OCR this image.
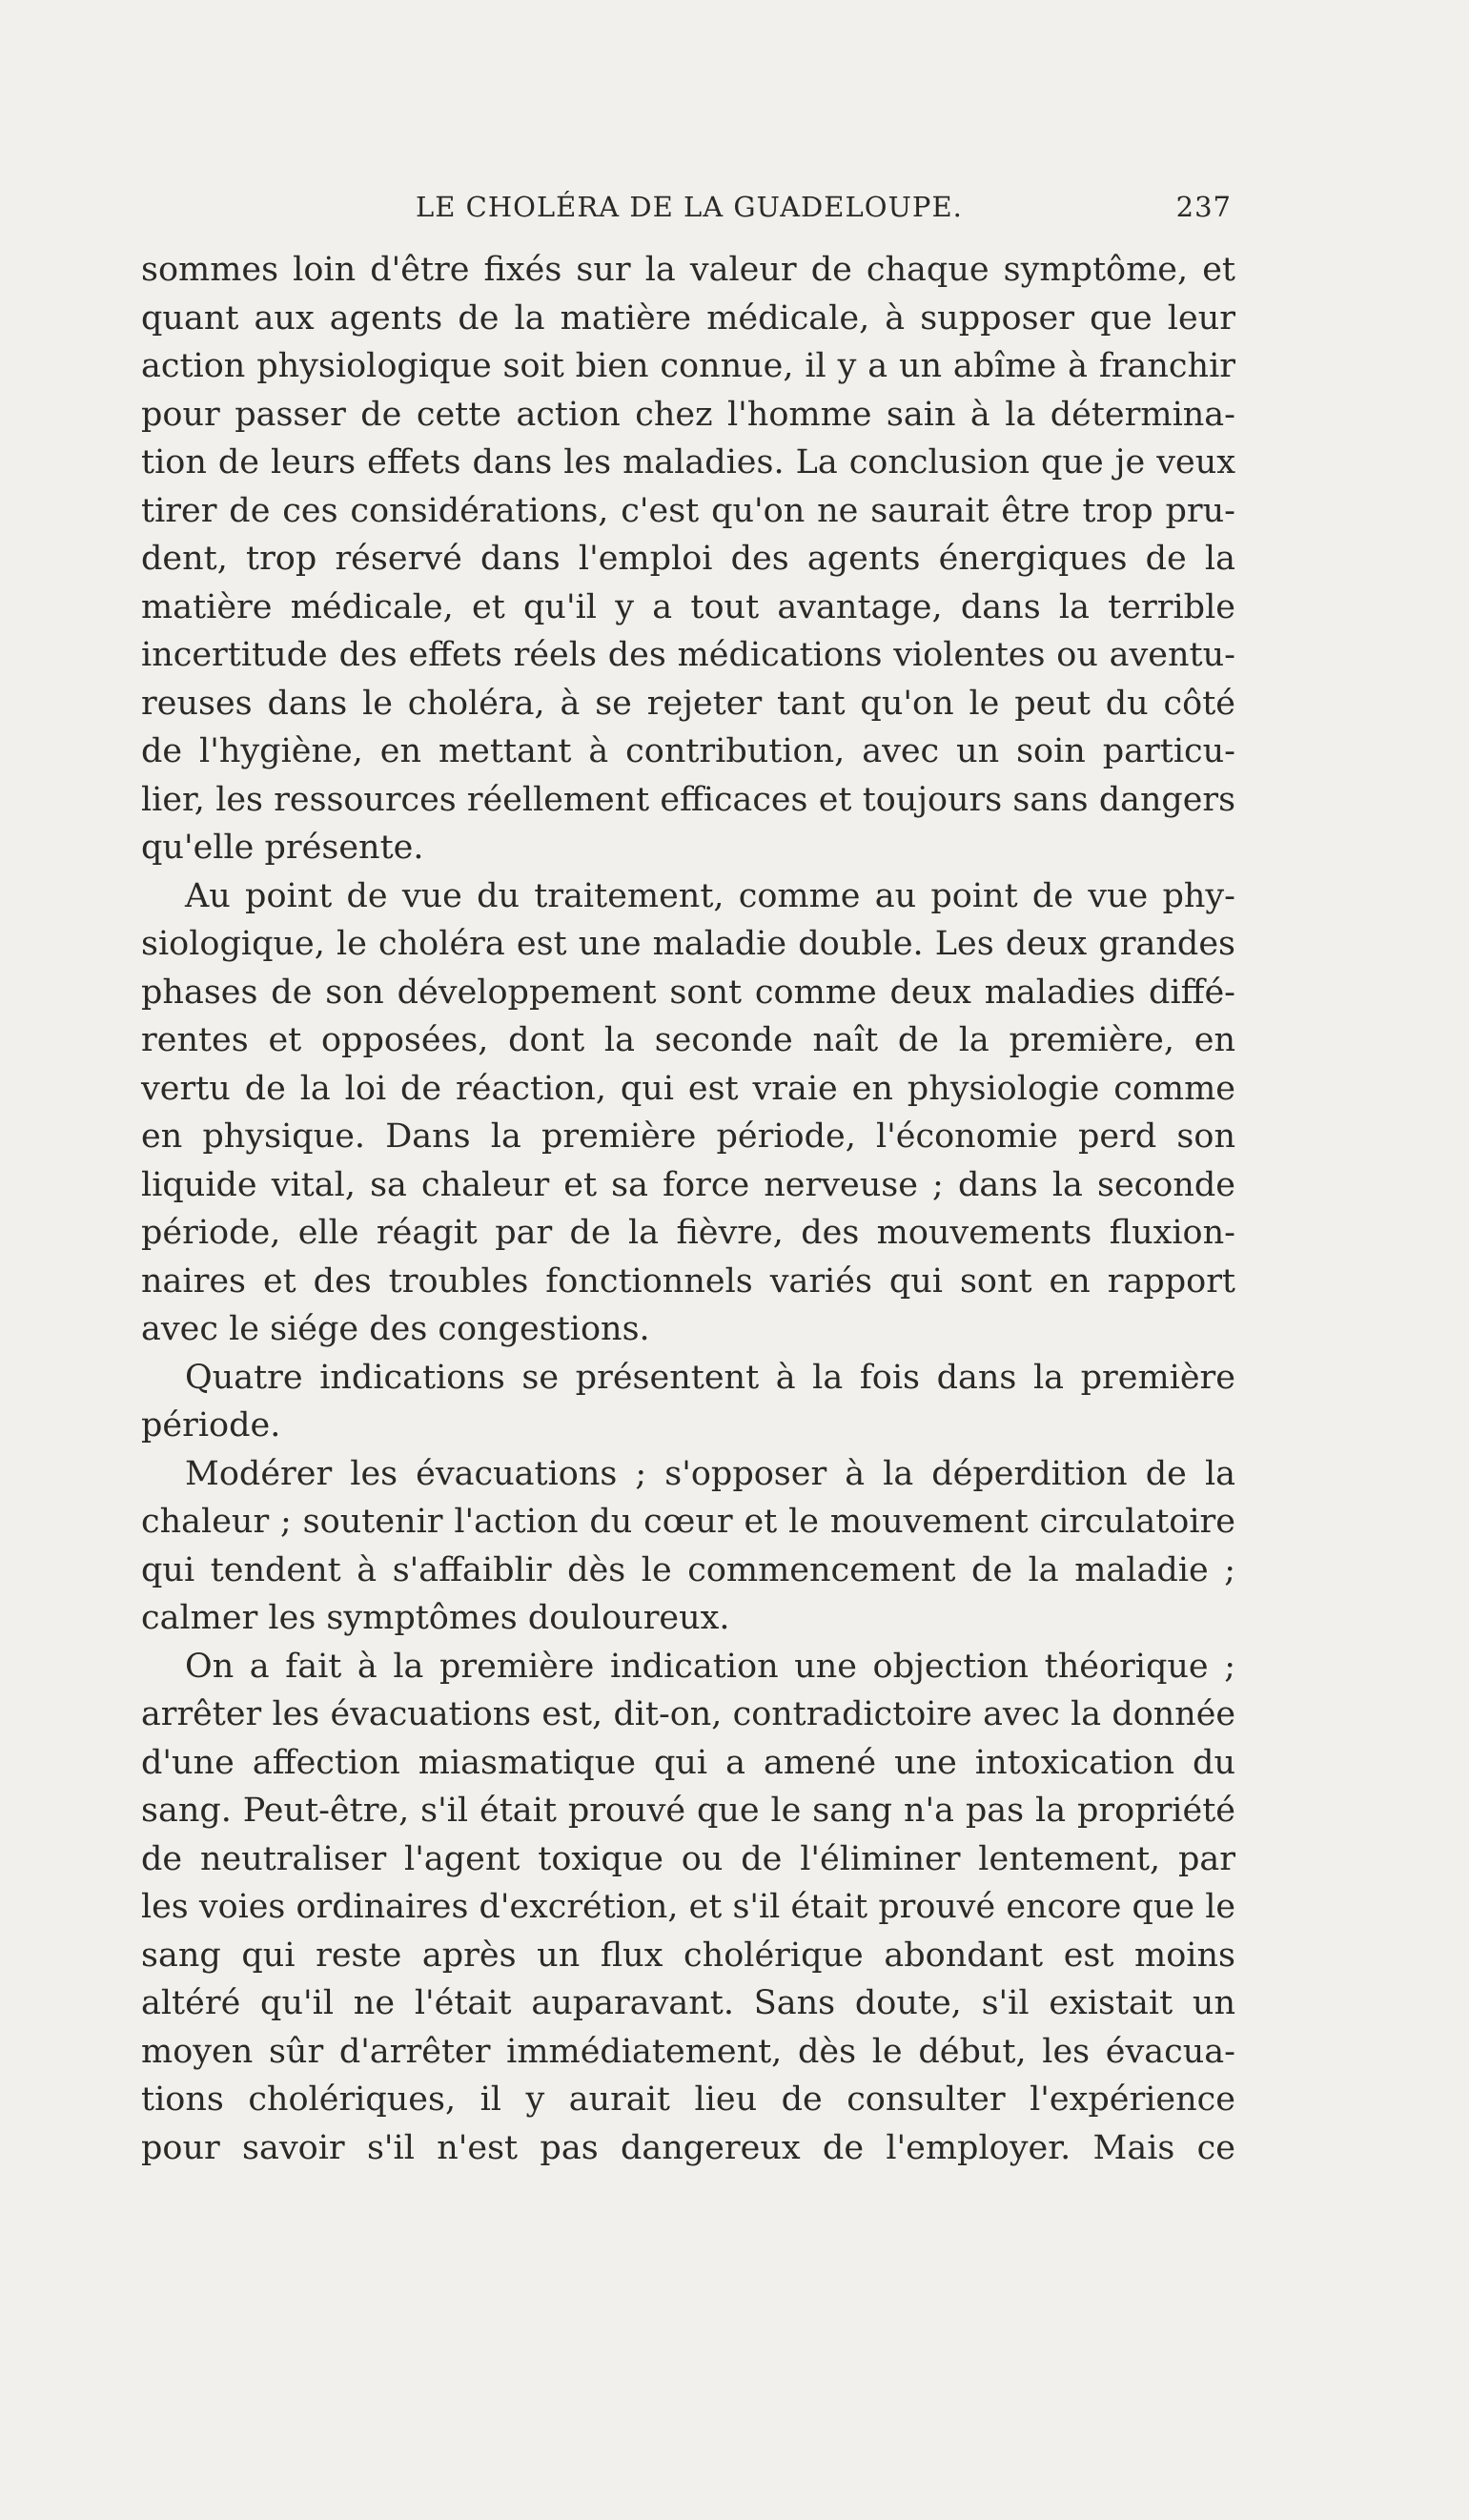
LE CHOLÉRA DE LA GUADELOUPE.	237
sommes loin d'être fixés sur la valeur de chaque symptôme, et
quant aux agents de la matière médicale, à supposer que leur
action physiologique soit bien connue, il y a un abîme à franchir
pour passer de cette action chez l'homme sain à la détermina-
tion de leurs effets dans les maladies. La conclusion que je veux
tirer de ces considérations, c'est qu'on ne saurait être trop pru-
dent, trop réservé dans l'emploi des agents énergiques de la
matière médicale, et qu'il y a tout avantage, dans la terrible
incertitude des effets réels des médications violentes ou aventu-
reuses dans le choléra, à se rejeter tant qu'on le peut du côté
de l'hygiène, en mettant à contribution, avec un soin particu-
lier, les ressources réellement efficaces et toujours sans dangers
qu'elle présente.
Au point de vue du traitement, comme au point de vue phy-
siologique, le choléra est une maladie double. Les deux grandes
phases de son développement sont comme deux maladies diffé-
rentes et opposées, dont la seconde naît de la première, en
vertu de la loi de réaction, qui est vraie en physiologie comme
en physique. Dans la première période, l'économie perd son
liquide vital, sa chaleur et sa force nerveuse ; dans la seconde
période, elle réagit par de la fièvre, des mouvements fluxion-
naires et des troubles fonctionnels variés qui sont en rapport
avec le siége des congestions.
Quatre indications se présentent à la fois dans la première
période.
Modérer les évacuations ; s'opposer à la déperdition de la
chaleur ; soutenir l'action du cœur et le mouvement circulatoire
qui tendent à s'affaiblir dès le commencement de la maladie ;
calmer les symptômes douloureux.
On a fait à la première indication une objection théorique ;
arrêter les évacuations est, dit-on, contradictoire avec la donnée
d'une affection miasmatique qui a amené une intoxication du
sang. Peut-être, s'il était prouvé que le sang n'a pas la propriété
de neutraliser l'agent toxique ou de l'éliminer lentement, par
les voies ordinaires d'excrétion, et s'il était prouvé encore que le
sang qui reste après un flux cholérique abondant est moins
altéré qu'il ne l'était auparavant. Sans doute, s'il existait un
moyen sûr d'arrêter immédiatement, dès le début, les évacua-
tions cholériques, il y aurait lieu de consulter l'expérience
pour savoir s'il n'est pas dangereux de l'employer. Mais ce
